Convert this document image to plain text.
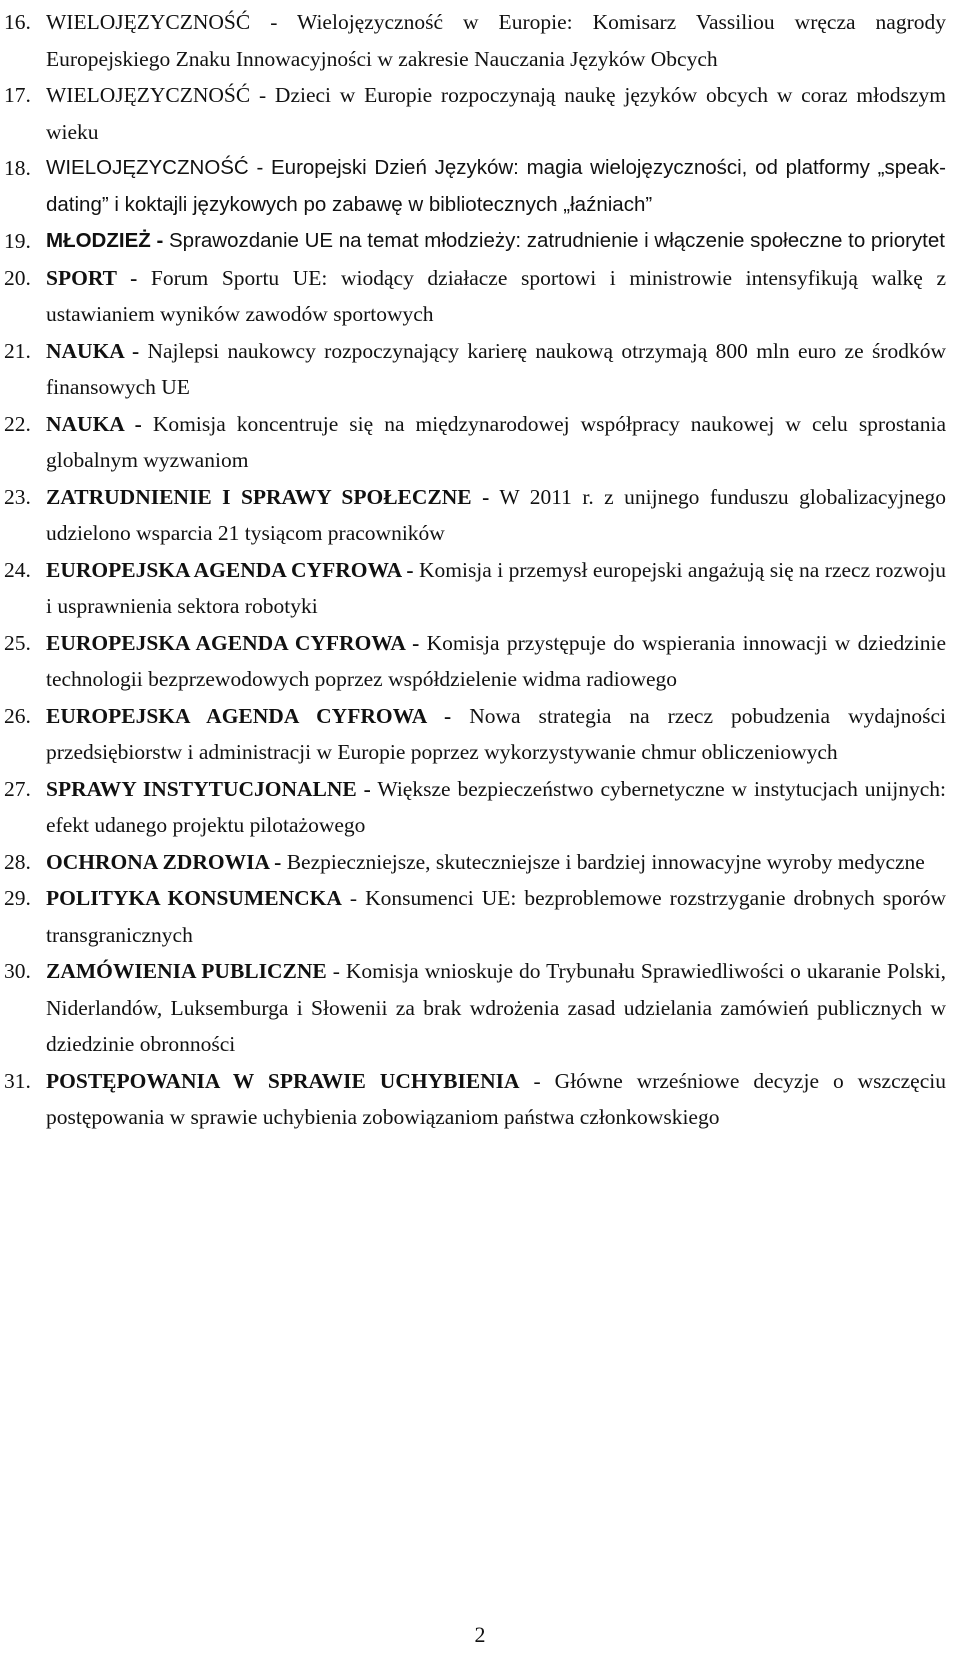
16. WIELOJĘZYCZNOŚĆ - Wielojęzyczność w Europie: Komisarz Vassiliou wręcza nagrody Europejskiego Znaku Innowacyjności w zakresie Nauczania Języków Obcych
17. WIELOJĘZYCZNOŚĆ - Dzieci w Europie rozpoczynają naukę języków obcych w coraz młodszym wieku
18. WIELOJĘZYCZNOŚĆ - Europejski Dzień Języków: magia wielojęzyczności, od platformy „speak-dating” i koktajli językowych po zabawę w bibliotecznych „łaźniach”
19. MŁODZIEŻ - Sprawozdanie UE na temat młodzieży: zatrudnienie i włączenie społeczne to priorytet
20. SPORT - Forum Sportu UE: wiodący działacze sportowi i ministrowie intensyfikują walkę z ustawianiem wyników zawodów sportowych
21. NAUKA - Najlepsi naukowcy rozpoczynający karierę naukową otrzymają 800 mln euro ze środków finansowych UE
22. NAUKA - Komisja koncentruje się na międzynarodowej współpracy naukowej w celu sprostania globalnym wyzwaniom
23. ZATRUDNIENIE I SPRAWY SPOŁECZNE - W 2011 r. z unijnego funduszu globalizacyjnego udzielono wsparcia 21 tysiącom pracowników
24. EUROPEJSKA AGENDA CYFROWA - Komisja i przemysł europejski angażują się na rzecz rozwoju i usprawnienia sektora robotyki
25. EUROPEJSKA AGENDA CYFROWA - Komisja przystępuje do wspierania innowacji w dziedzinie technologii bezprzewodowych poprzez współdzielenie widma radiowego
26. EUROPEJSKA AGENDA CYFROWA - Nowa strategia na rzecz pobudzenia wydajności przedsiębiorstw i administracji w Europie poprzez wykorzystywanie chmur obliczeniowych
27. SPRAWY INSTYTUCJONALNE - Większe bezpieczeństwo cybernetyczne w instytucjach unijnych: efekt udanego projektu pilotażowego
28. OCHRONA ZDROWIA - Bezpieczniejsze, skuteczniejsze i bardziej innowacyjne wyroby medyczne
29. POLITYKA KONSUMENCKA - Konsumenci UE: bezproblemowe rozstrzyganie drobnych sporów transgranicznych
30. ZAMÓWIENIA PUBLICZNE - Komisja wnioskuje do Trybunału Sprawiedliwości o ukaranie Polski, Niderlandów, Luksemburga i Słowenii za brak wdrożenia zasad udzielania zamówień publicznych w dziedzinie obronności
31. POSTĘPOWANIA W SPRAWIE UCHYBIENIA - Główne wrześniowe decyzje o wszczęciu postępowania w sprawie uchybienia zobowiązaniom państwa członkowskiego
2
